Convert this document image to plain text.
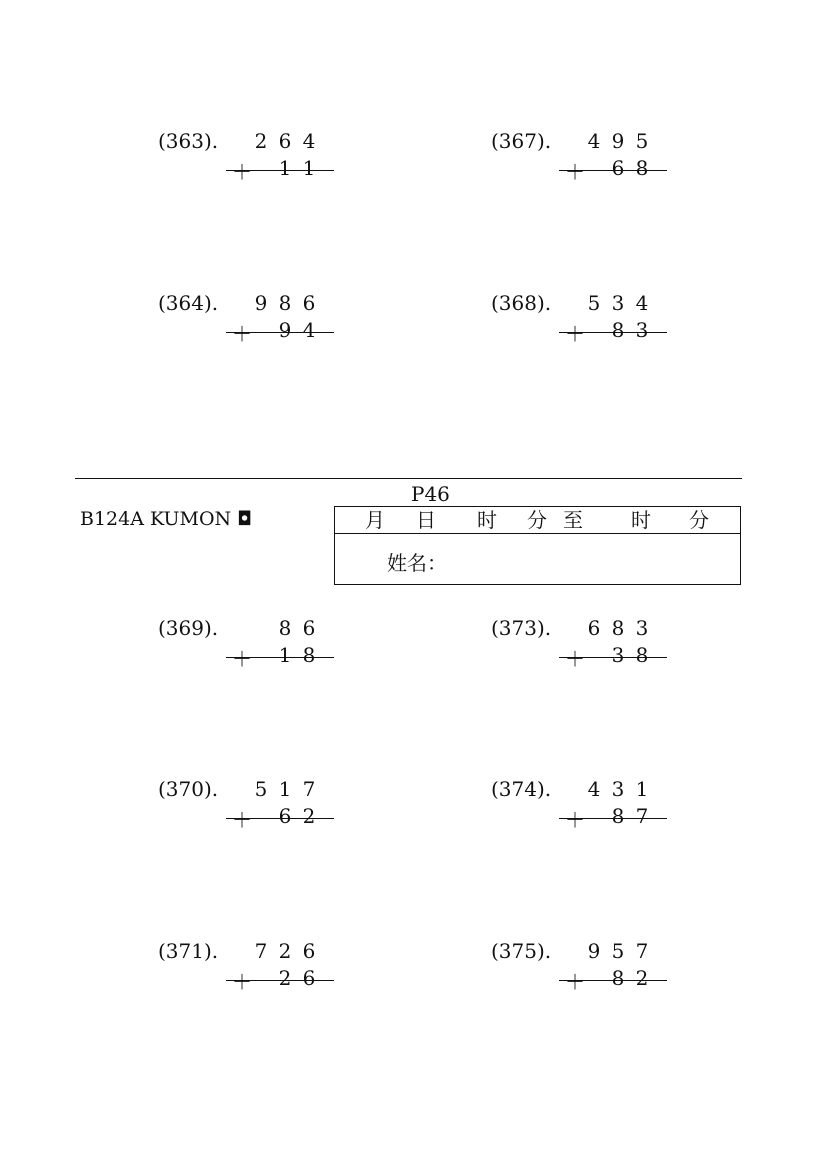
(363). 2 6 4
＋ 1 1
(367). 4 9 5
＋ 6 8
(364). 9 8 6
＋ 9 4
(368). 5 3 4
＋ 8 3
P46
B124A KUMON ◘	月 日 时 分 至 时 分
姓名：
(369).	8 6
＋ 1 8
(373). 6 8 3
＋ 3 8
(370). 5 1 7
＋ 6 2
(374). 4 3 1
＋ 8 7
(371). 7 2 6
＋ 2 6
(375). 9 5 7
＋ 8 2
